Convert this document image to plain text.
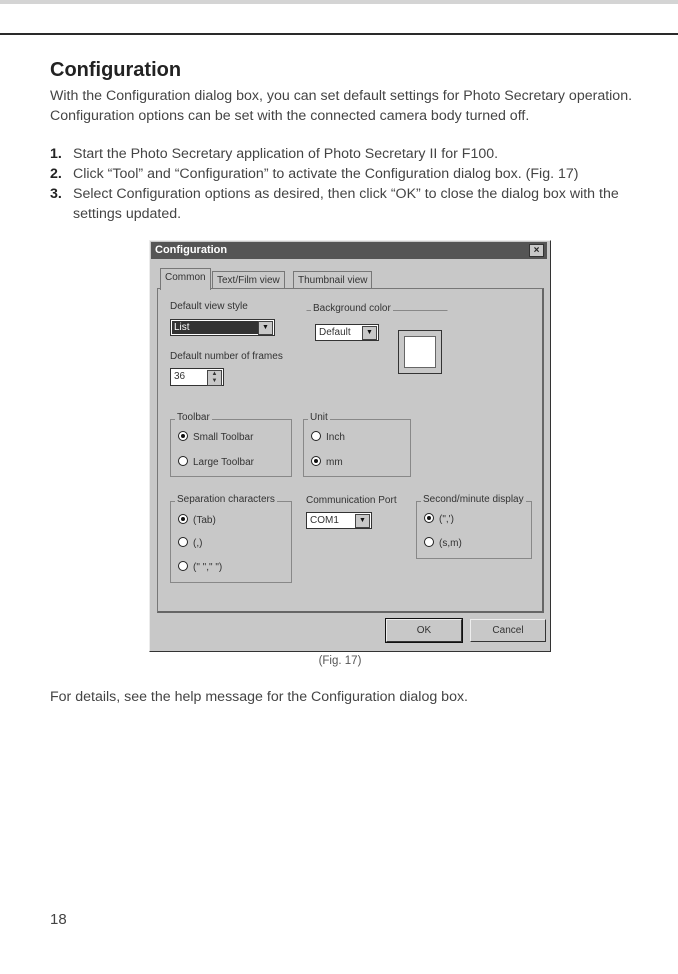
Configuration
With the Configuration dialog box, you can set default settings for Photo Secretary operation. Configuration options can be set with the connected camera body turned off.
1. Start the Photo Secretary application of Photo Secretary II for F100.
2. Click “Tool” and “Configuration” to activate the Configuration dialog box. (Fig. 17)
3. Select Configuration options as desired, then click “OK” to close the dialog box with the settings updated.
Configuration	×
Common	Text/Film view	Thumbnail view
Default view style
List	▼
Default number of frames
36	▲
▼
Background color
Default	▼
Toolbar
Small Toolbar
Large Toolbar
Unit
Inch
mm
Separation characters
(Tab)
(,)
(" "," ")
Communication Port
COM1	▼
Second/minute display
(",')
(s,m)
OK	Cancel
(Fig. 17)
For details, see the help message for the Configuration dialog box.
18
